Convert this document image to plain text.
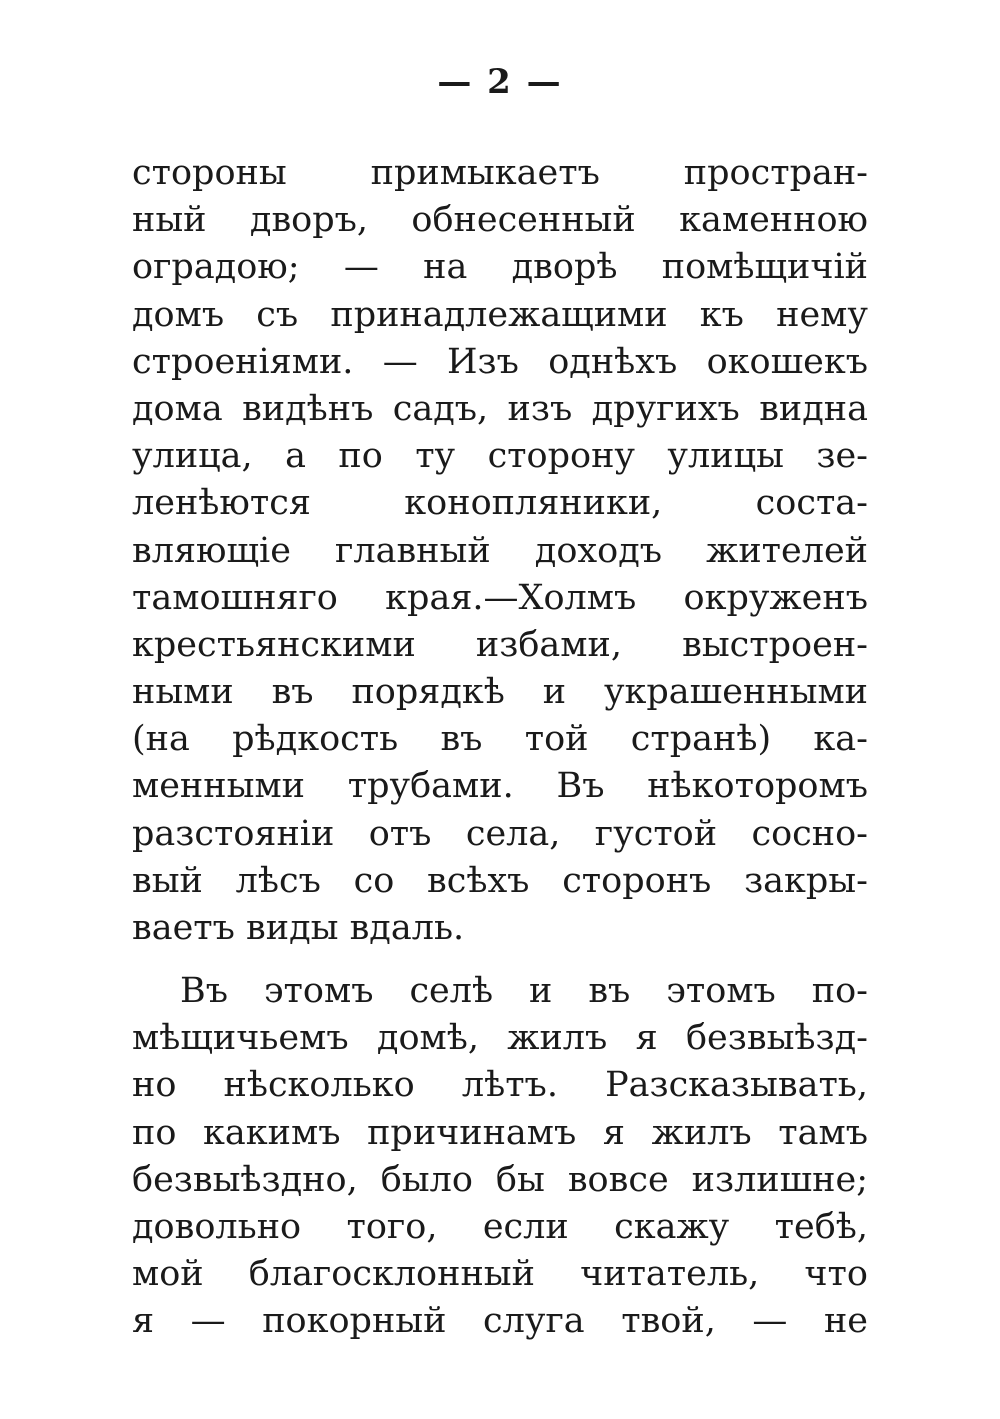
— 2 —
стороны примыкаетъ простран-
ный дворъ, обнесенный каменною
оградою; — на дворѣ помѣщичій
домъ съ принадлежащими къ нему
строеніями. — Изъ однѣхъ окошекъ
дома видѣнъ садъ, изъ другихъ видна
улица, а по ту сторону улицы зе-
ленѣются конопляники, соста-
вляющіе главный доходъ жителей
тамошняго края.—Холмъ окруженъ
крестьянскими избами, выстроен-
ными въ порядкѣ и украшенными
(на рѣдкость въ той странѣ) ка-
менными трубами. Въ нѣкоторомъ
разстояніи отъ села, густой сосно-
вый лѣсъ со всѣхъ сторонъ закры-
ваетъ виды вдаль.
Въ этомъ селѣ и въ этомъ по-
мѣщичьемъ домѣ, жилъ я безвыѣзд-
но нѣсколько лѣтъ. Разсказывать,
по какимъ причинамъ я жилъ тамъ
безвыѣздно, было бы вовсе излишне;
довольно того, если скажу тебѣ,
мой благосклонный читатель, что
я — покорный слуга твой, — не
